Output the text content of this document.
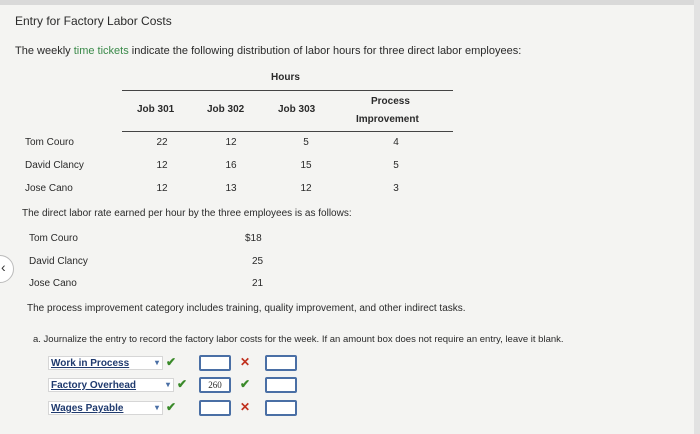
Entry for Factory Labor Costs
The weekly time tickets indicate the following distribution of labor hours for three direct labor employees:
Hours
Job 301	Job 302	Job 303
Process
Improvement
Tom Couro	22	12	5	4
David Clancy	12	16	15	5
Jose Cano	12	13	12	3
The direct labor rate earned per hour by the three employees is as follows:
Tom Couro	$18
David Clancy	25
Jose Cano	21
The process improvement category includes training, quality improvement, and other indirect tasks.
a. Journalize the entry to record the factory labor costs for the week. If an amount box does not require an entry, leave it blank.
Work in Process	▾ ✔	✕
Factory Overhead	▾ ✔	260	✔
Wages Payable	▾ ✔	✕
‹
